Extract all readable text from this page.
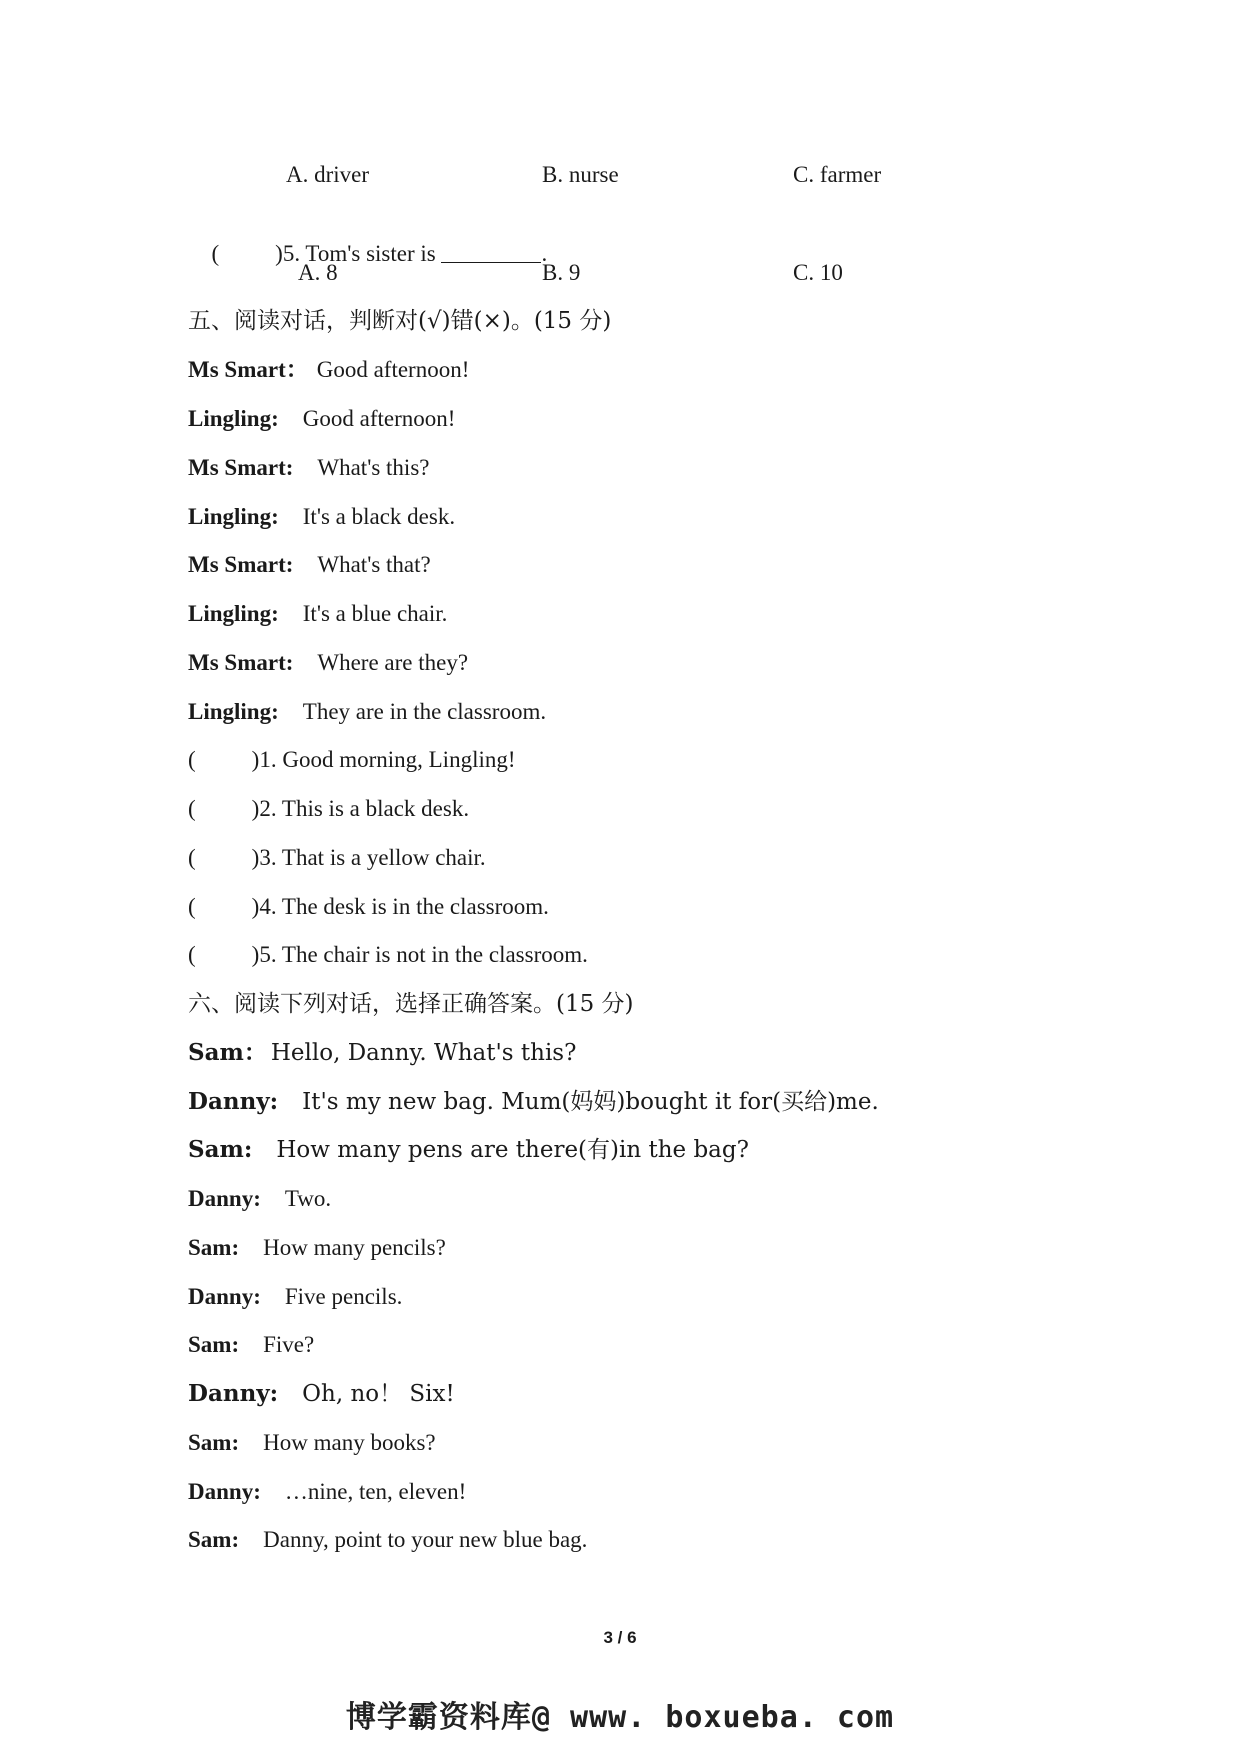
A. driver	B. nurse	C. farmer

( )5. Tom's sister is	.

A. 8	B. 9	C. 10
五、阅读对话，判断对(√)错(×)。(15 分)
Ms Smart： Good afternoon!
Lingling: Good afternoon!
Ms Smart: What's this?
Lingling: It's a black desk.
Ms Smart: What's that?
Lingling: It's a blue chair.
Ms Smart: Where are they?
Lingling: They are in the classroom.
( )1. Good morning, Lingling!
( )2. This is a black desk.
( )3. That is a yellow chair.
( )4. The desk is in the classroom.
( )5. The chair is not in the classroom.
六、阅读下列对话，选择正确答案。(15 分)
Sam： Hello, Danny. What's this?
Danny: It's my new bag. Mum(妈妈)bought it for(买给)me.
Sam: How many pens are there(有)in the bag?
Danny: Two.
Sam: How many pencils?
Danny: Five pencils.
Sam: Five?
Danny: Oh, no！ Six!
Sam: How many books?
Danny: …nine, ten, eleven!
Sam: Danny, point to your new blue bag.
3 / 6
博学霸资料库@ www. boxueba. com
